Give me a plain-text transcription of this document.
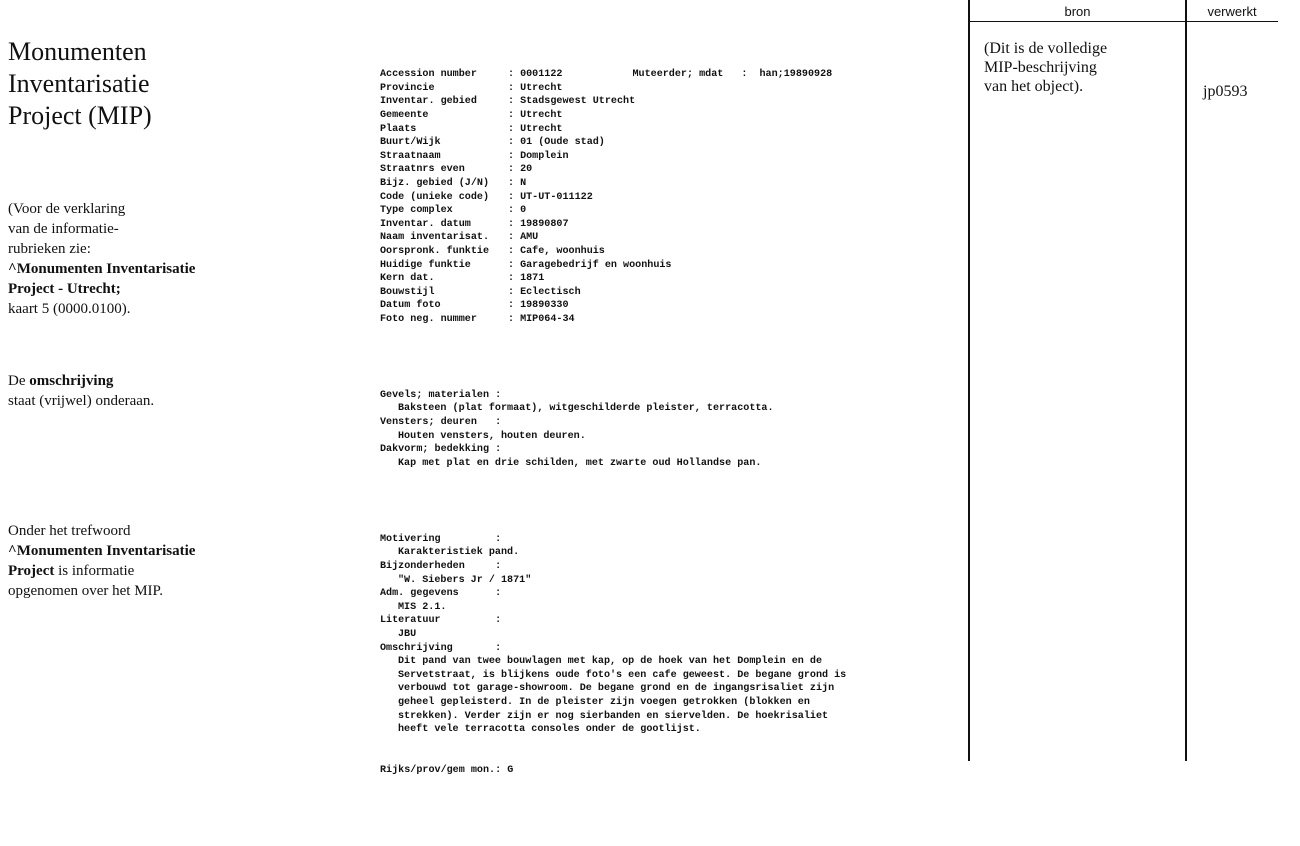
Monumenten
Inventarisatie
Project (MIP)
(Voor de verklaring
van de informatie-
rubrieken zie:
^Monumenten Inventarisatie
Project - Utrecht;
kaart 5 (0000.0100).
De omschrijving
staat (vrijwel) onderaan.
Onder het trefwoord
^Monumenten Inventarisatie
Project is informatie
opgenomen over het MIP.

Accession number	: 0001122	Muteerder; mdat :  han;19890928
Provincie	: Utrecht
Inventar. gebied	: Stadsgewest Utrecht
Gemeente	: Utrecht
Plaats	: Utrecht
Buurt/Wijk	: 01 (Oude stad)
Straatnaam	: Domplein
Straatnrs even	: 20
Bijz. gebied (J/N) : N
Code (unieke code) : UT-UT-011122
Type complex	: 0
Inventar. datum	: 19890807
Naam inventarisat. : AMU
Oorspronk. funktie : Cafe, woonhuis
Huidige funktie	: Garagebedrijf en woonhuis
Kern dat.	: 1871
Bouwstijl	: Eclectisch
Datum foto	: 19890330
Foto neg. nummer	: MIP064-34

Gevels; materialen :
Baksteen (plat formaat), witgeschilderde pleister, terracotta.
Vensters; deuren   :
Houten vensters, houten deuren.
Dakvorm; bedekking :
Kap met plat en drie schilden, met zwarte oud Hollandse pan.

Motivering         :
Karakteristiek pand.
Bijzonderheden     :
"W. Siebers Jr / 1871"
Adm. gegevens      :
MIS 2.1.
Literatuur         :
JBU
Omschrijving       :
Dit pand van twee bouwlagen met kap, op de hoek van het Domplein en de
Servetstraat, is blijkens oude foto's een cafe geweest. De begane grond is
verbouwd tot garage-showroom. De begane grond en de ingangsrisaliet zijn
geheel gepleisterd. In de pleister zijn voegen getrokken (blokken en
strekken). Verder zijn er nog sierbanden en siervelden. De hoekrisaliet
heeft vele terracotta consoles onder de gootlijst.

Rijks/prov/gem mon.: G

bron	verwerkt
(Dit is de volledige
MIP-beschrijving
van het object).	jp0593
